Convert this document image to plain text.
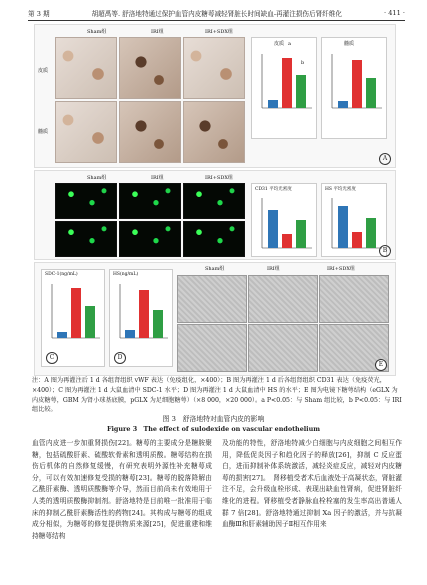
第 3 期	胡超禹等. 舒洛地特通过保护血管内皮糖萼减轻肾脏长时间缺血-再灌注损伤后肾纤维化	· 411 ·
Sham组	IRI组	IRI+SDX组
皮质
髓质
皮质 a
b
髓质
A
Sham组	IRI组	IRI+SDX组
CD31 平均光密度	HS 平均光密度
B
SDC-1(ng/mL)
C
HS(ng/mL)
D
Sham组	IRI组	IRI+SDX组
E
注：A 图为再灌注后 1 d 各组肾组织 vWF 表达（免疫组化，×400）；B 图为再灌注 1 d 后各组肾组织 CD31 表达（免疫荧光，×400）；C 图为再灌注 1 d 大鼠血清中 SDC-1 水平；D 图为再灌注 1 d 大鼠血清中 HS 的水平；E 图为电镜下糖萼结构（eGLX 为内皮糖萼，GBM 为肾小球基底膜，pGLX 为足细胞糖萼）（×8 000，×20 000）。a P<0.05：与 Sham 组比较，b P<0.05：与 IRI 组比较。
图 3　舒洛地特对血管内皮的影响
Figure 3　The effect of sulodexide on vascular endothelium
血管内皮进一步加重肾损伤[22]。糖萼的主要成分是糖胺聚糖，包括硫酸肝素、硫酸软骨素和透明质酸。糖萼结构在损伤后机体的自然修复缓慢，有研究表明外源性补充糖萼成分，可以有效加速修复受损的糖萼[23]。糖萼的脱落降解由乙酰肝素酶、透明质酸酶等介导，然而目前尚未有效地用于人类的透明质酸酶抑制剂。舒洛地特是目前唯一批准用于临床的抑制乙酰肝素酶活性的药物[24]。其构成与糖萼的组成成分相似，为糖萼的修复提供物质来源[25]，促进重建和维持糖萼结构
及功能的特性，舒洛地特减少白细胞与内皮细胞之间相互作用，降低促炎因子和趋化因子的释放[26]，抑制 C 反应蛋白，进而抑制补体系统激活，减轻炎症反应，减轻对内皮糖萼的损害[27]。　肾移植受者术后血液处于高凝状态，肾脏灌注不足，会升级血栓形成、表现出缺血性肾病，促进肾脏纤维化的进程。肾移植受者静脉血栓栓塞的发生率高出普通人群 7 倍[28]。舒洛地特通过抑制 Xa 因子的激活，并与抗凝血酶Ⅲ和肝素辅助因子Ⅱ相互作用来
